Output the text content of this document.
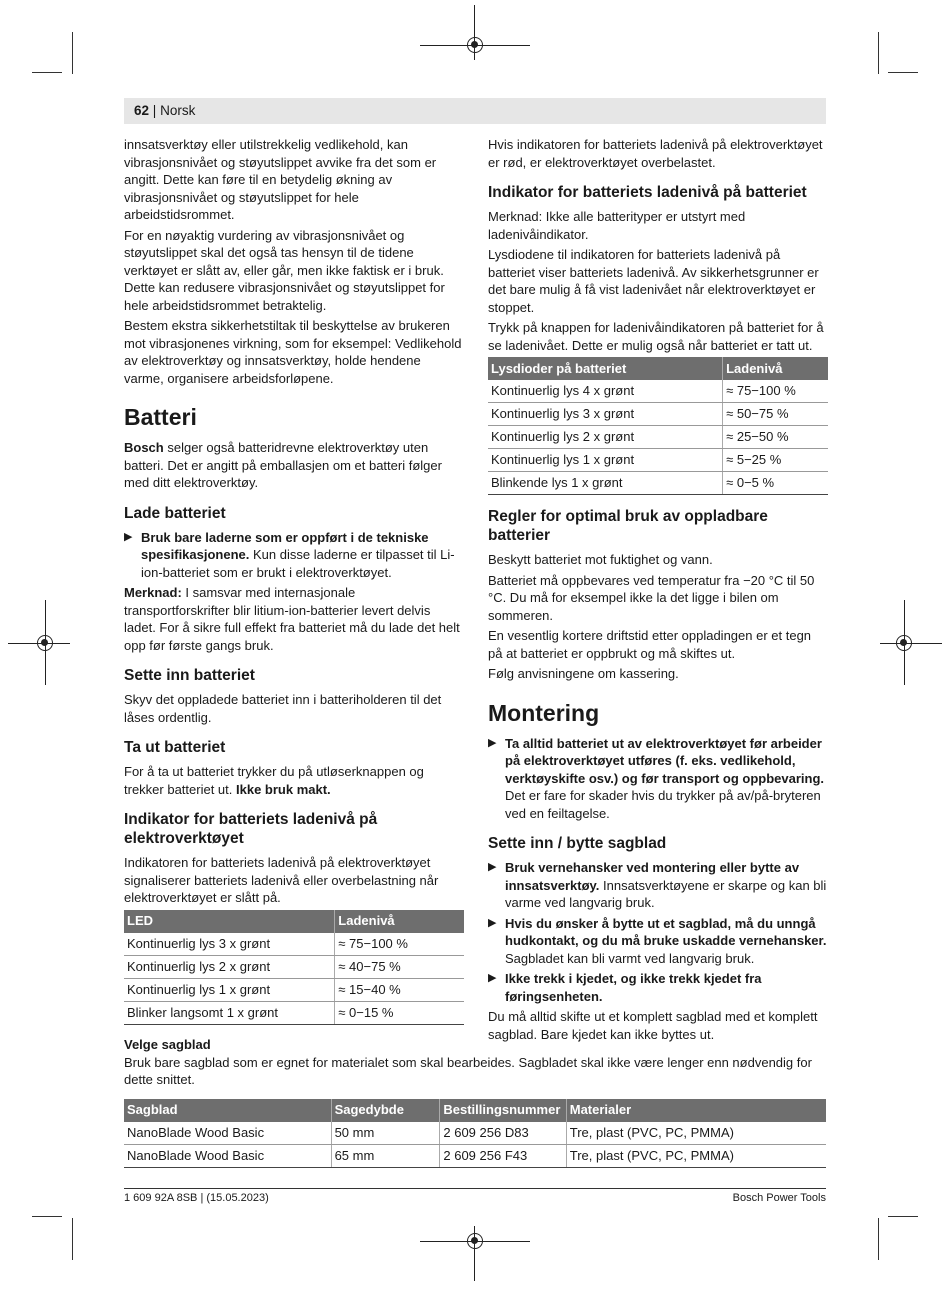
62 | Norsk

innsatsverktøy eller utilstrekkelig vedlikehold, kan vibrasjonsnivået og støyutslippet avvike fra det som er angitt. Dette kan føre til en betydelig økning av vibrasjonsnivået og støyutslippet for hele arbeidstidsrommet.

For en nøyaktig vurdering av vibrasjonsnivået og støyutslippet skal det også tas hensyn til de tidene verktøyet er slått av, eller går, men ikke faktisk er i bruk. Dette kan redusere vibrasjonsnivået og støyutslippet for hele arbeidstidsrommet betraktelig.

Bestem ekstra sikkerhetstiltak til beskyttelse av brukeren mot vibrasjonenes virkning, som for eksempel: Vedlikehold av elektroverktøy og innsatsverktøy, holde hendene varme, organisere arbeidsforløpene.

Batteri

Bosch selger også batteridrevne elektroverktøy uten batteri. Det er angitt på emballasjen om et batteri følger med ditt elektroverktøy.

Lade batteriet
▶ Bruk bare laderne som er oppført i de tekniske spesifikasjonene. Kun disse laderne er tilpasset til Li-ion-batteriet som er brukt i elektroverktøyet.

Merknad: I samsvar med internasjonale transportforskrifter blir litium-ion-batterier levert delvis ladet. For å sikre full effekt fra batteriet må du lade det helt opp før første gangs bruk.

Sette inn batteriet

Skyv det oppladede batteriet inn i batteriholderen til det låses ordentlig.

Ta ut batteriet

For å ta ut batteriet trykker du på utløserknappen og trekker batteriet ut. Ikke bruk makt.

Indikator for batteriets ladenivå på elektroverktøyet

Indikatoren for batteriets ladenivå på elektroverktøyet signaliserer batteriets ladenivå eller overbelastning når elektroverktøyet er slått på.

LED	Ladenivå
Kontinuerlig lys 3 x grønt	≈ 75−100 %
Kontinuerlig lys 2 x grønt	≈ 40−75 %
Kontinuerlig lys 1 x grønt	≈ 15−40 %
Blinker langsomt 1 x grønt	≈ 0−15 %

Hvis indikatoren for batteriets ladenivå på elektroverktøyet er rød, er elektroverktøyet overbelastet.

Indikator for batteriets ladenivå på batteriet

Merknad: Ikke alle batterityper er utstyrt med ladenivåindikator.

Lysdiodene til indikatoren for batteriets ladenivå på batteriet viser batteriets ladenivå. Av sikkerhetsgrunner er det bare mulig å få vist ladenivået når elektroverktøyet er stoppet.

Trykk på knappen for ladenivåindikatoren på batteriet for å se ladenivået. Dette er mulig også når batteriet er tatt ut.

Lysdioder på batteriet	Ladenivå
Kontinuerlig lys 4 x grønt	≈ 75−100 %
Kontinuerlig lys 3 x grønt	≈ 50−75 %
Kontinuerlig lys 2 x grønt	≈ 25−50 %
Kontinuerlig lys 1 x grønt	≈ 5−25 %
Blinkende lys 1 x grønt	≈ 0−5 %
Regler for optimal bruk av oppladbare batterier

Beskytt batteriet mot fuktighet og vann.

Batteriet må oppbevares ved temperatur fra −20 °C til 50 °C. Du må for eksempel ikke la det ligge i bilen om sommeren.

En vesentlig kortere driftstid etter oppladingen er et tegn på at batteriet er oppbrukt og må skiftes ut.

Følg anvisningene om kassering.

Montering
▶ Ta alltid batteriet ut av elektroverktøyet før arbeider på elektroverktøyet utføres (f. eks. vedlikehold, verktøyskifte osv.) og før transport og oppbevaring. Det er fare for skader hvis du trykker på av/på-bryteren ved en feiltagelse.
Sette inn / bytte sagblad
▶ Bruk vernehansker ved montering eller bytte av innsatsverktøy. Innsatsverktøyene er skarpe og kan bli varme ved langvarig bruk.
▶ Hvis du ønsker å bytte ut et sagblad, må du unngå hudkontakt, og du må bruke uskadde vernehansker. Sagbladet kan bli varmt ved langvarig bruk.
▶ Ikke trekk i kjedet, og ikke trekk kjedet fra føringsenheten.

Du må alltid skifte ut et komplett sagblad med et komplett sagblad. Bare kjedet kan ikke byttes ut.

Velge sagblad

Bruk bare sagblad som er egnet for materialet som skal bearbeides. Sagbladet skal ikke være lenger enn nødvendig for dette snittet.

Sagblad	Sagedybde	Bestillingsnummer	Materialer
NanoBlade Wood Basic	50 mm	2 609 256 D83	Tre, plast (PVC, PC, PMMA)
NanoBlade Wood Basic	65 mm	2 609 256 F43	Tre, plast (PVC, PC, PMMA)
1 609 92A 8SB | (15.05.2023)	Bosch Power Tools
